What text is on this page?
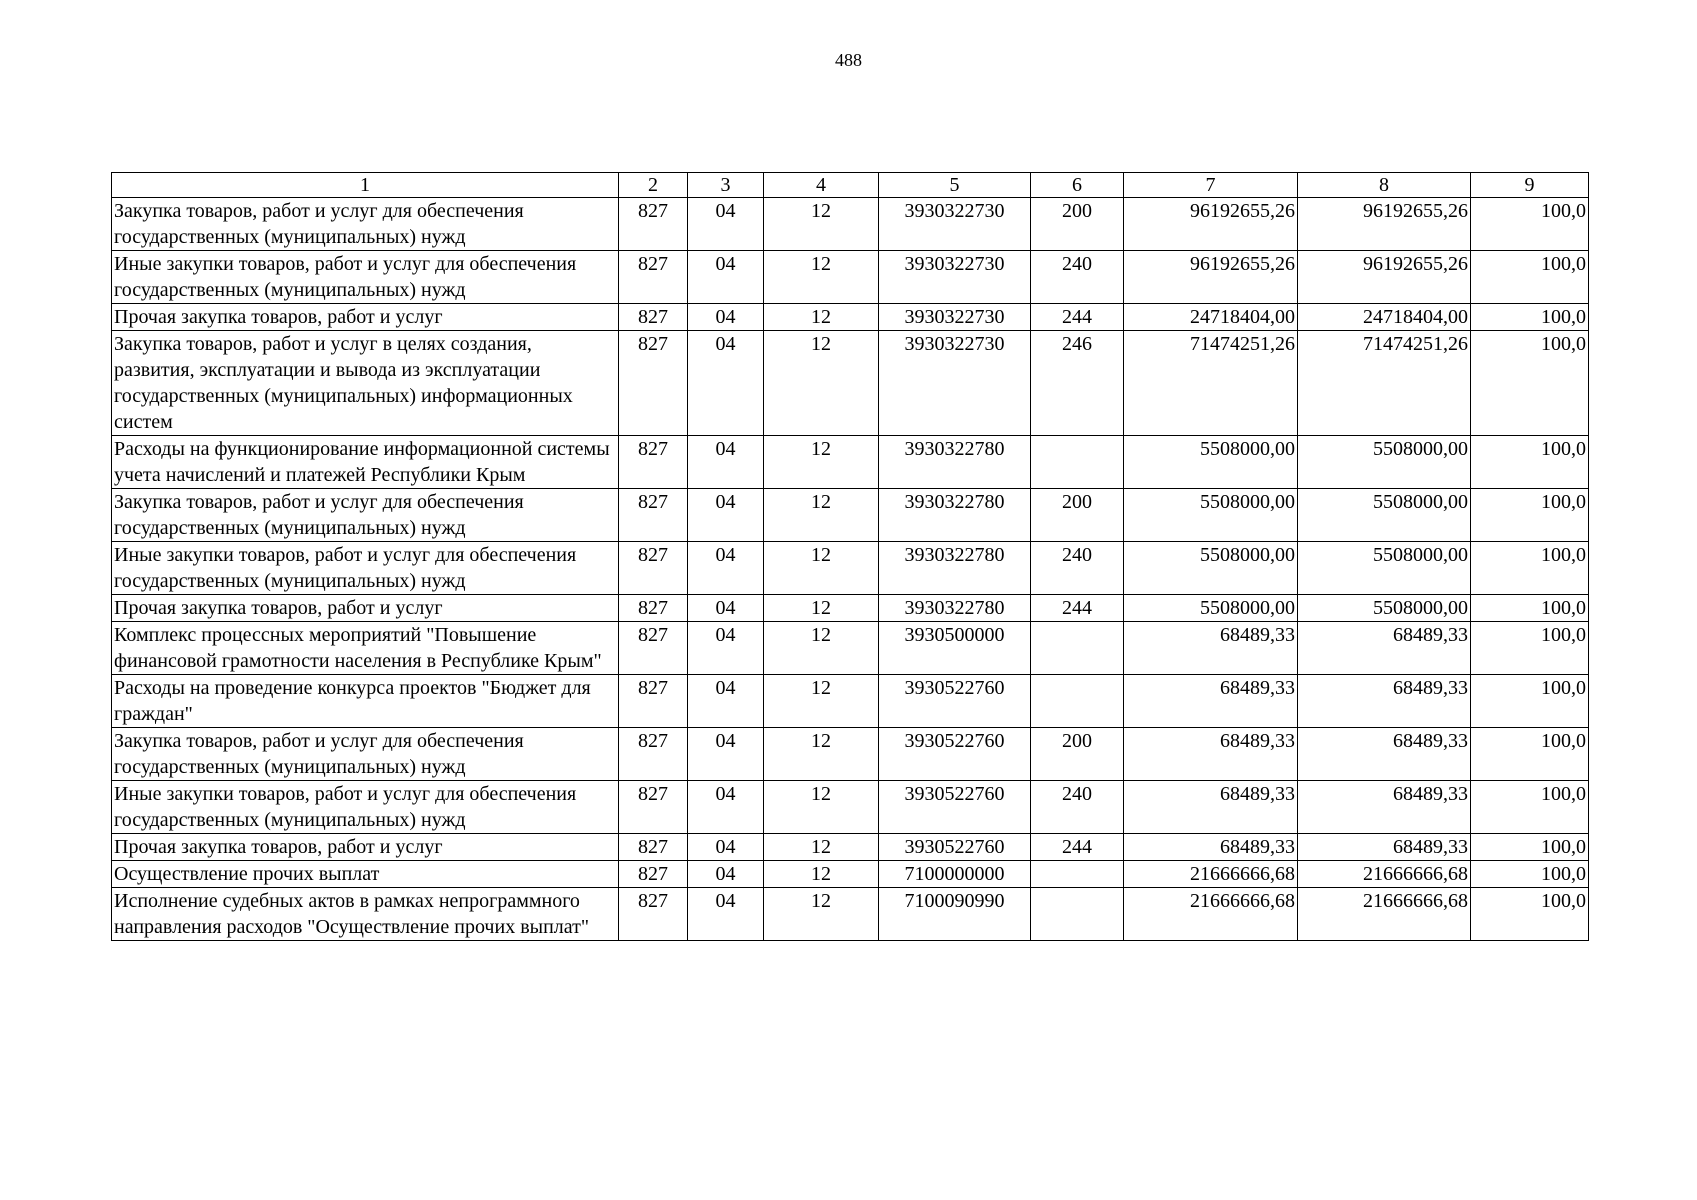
488
1	2	3	4	5	6	7	8	9
Закупка товаров, работ и услуг для обеспечения государственных (муниципальных) нужд	827	04	12	3930322730	200	96192655,26	96192655,26	100,0
Иные закупки товаров, работ и услуг для обеспечения государственных (муниципальных) нужд	827	04	12	3930322730	240	96192655,26	96192655,26	100,0
Прочая закупка товаров, работ и услуг	827	04	12	3930322730	244	24718404,00	24718404,00	100,0
Закупка товаров, работ и услуг в целях создания, развития, эксплуатации и вывода из эксплуатации государственных (муниципальных) информационных систем	827	04	12	3930322730	246	71474251,26	71474251,26	100,0
Расходы на функционирование информационной системы учета начислений и платежей Республики Крым	827	04	12	3930322780		5508000,00	5508000,00	100,0
Закупка товаров, работ и услуг для обеспечения государственных (муниципальных) нужд	827	04	12	3930322780	200	5508000,00	5508000,00	100,0
Иные закупки товаров, работ и услуг для обеспечения государственных (муниципальных) нужд	827	04	12	3930322780	240	5508000,00	5508000,00	100,0
Прочая закупка товаров, работ и услуг	827	04	12	3930322780	244	5508000,00	5508000,00	100,0
Комплекс процессных мероприятий "Повышение финансовой грамотности населения в Республике Крым"	827	04	12	3930500000		68489,33	68489,33	100,0
Расходы на проведение конкурса проектов "Бюджет для граждан"	827	04	12	3930522760		68489,33	68489,33	100,0
Закупка товаров, работ и услуг для обеспечения государственных (муниципальных) нужд	827	04	12	3930522760	200	68489,33	68489,33	100,0
Иные закупки товаров, работ и услуг для обеспечения государственных (муниципальных) нужд	827	04	12	3930522760	240	68489,33	68489,33	100,0
Прочая закупка товаров, работ и услуг	827	04	12	3930522760	244	68489,33	68489,33	100,0
Осуществление прочих выплат	827	04	12	7100000000		21666666,68	21666666,68	100,0
Исполнение судебных актов в рамках непрограммного направления расходов "Осуществление прочих выплат"	827	04	12	7100090990		21666666,68	21666666,68	100,0
